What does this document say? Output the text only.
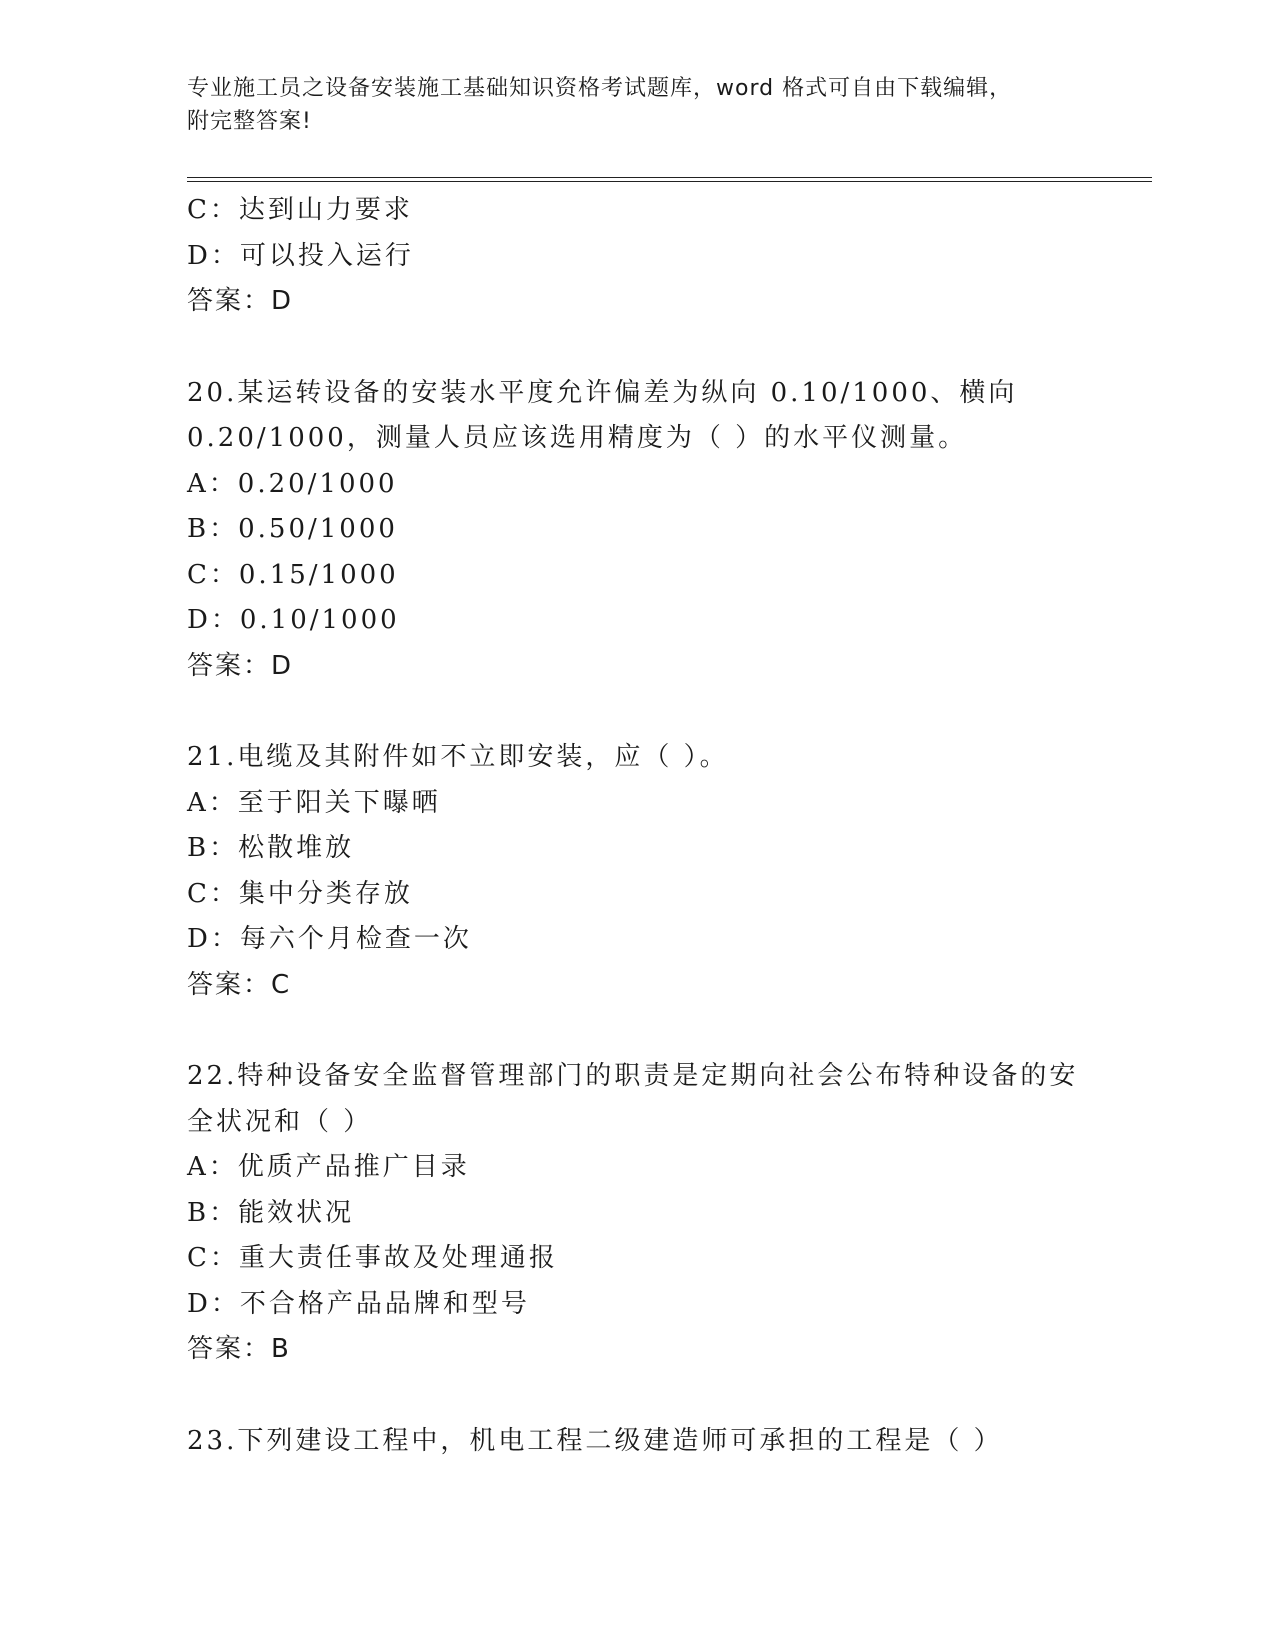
专业施工员之设备安装施工基础知识资格考试题库，word 格式可自由下载编辑，
附完整答案!
C：达到山力要求
D：可以投入运行
答案：D
20.某运转设备的安装水平度允许偏差为纵向 0.10/1000、横向
0.20/1000，测量人员应该选用精度为（ ）的水平仪测量。
A：0.20/1000
B：0.50/1000
C：0.15/1000
D：0.10/1000
答案：D
21.电缆及其附件如不立即安装，应（ ）。
A：至于阳关下曝晒
B：松散堆放
C：集中分类存放
D：每六个月检查一次
答案：C
22.特种设备安全监督管理部门的职责是定期向社会公布特种设备的安
全状况和（ ）
A：优质产品推广目录
B：能效状况
C：重大责任事故及处理通报
D：不合格产品品牌和型号
答案：B
23.下列建设工程中，机电工程二级建造师可承担的工程是（ ）
